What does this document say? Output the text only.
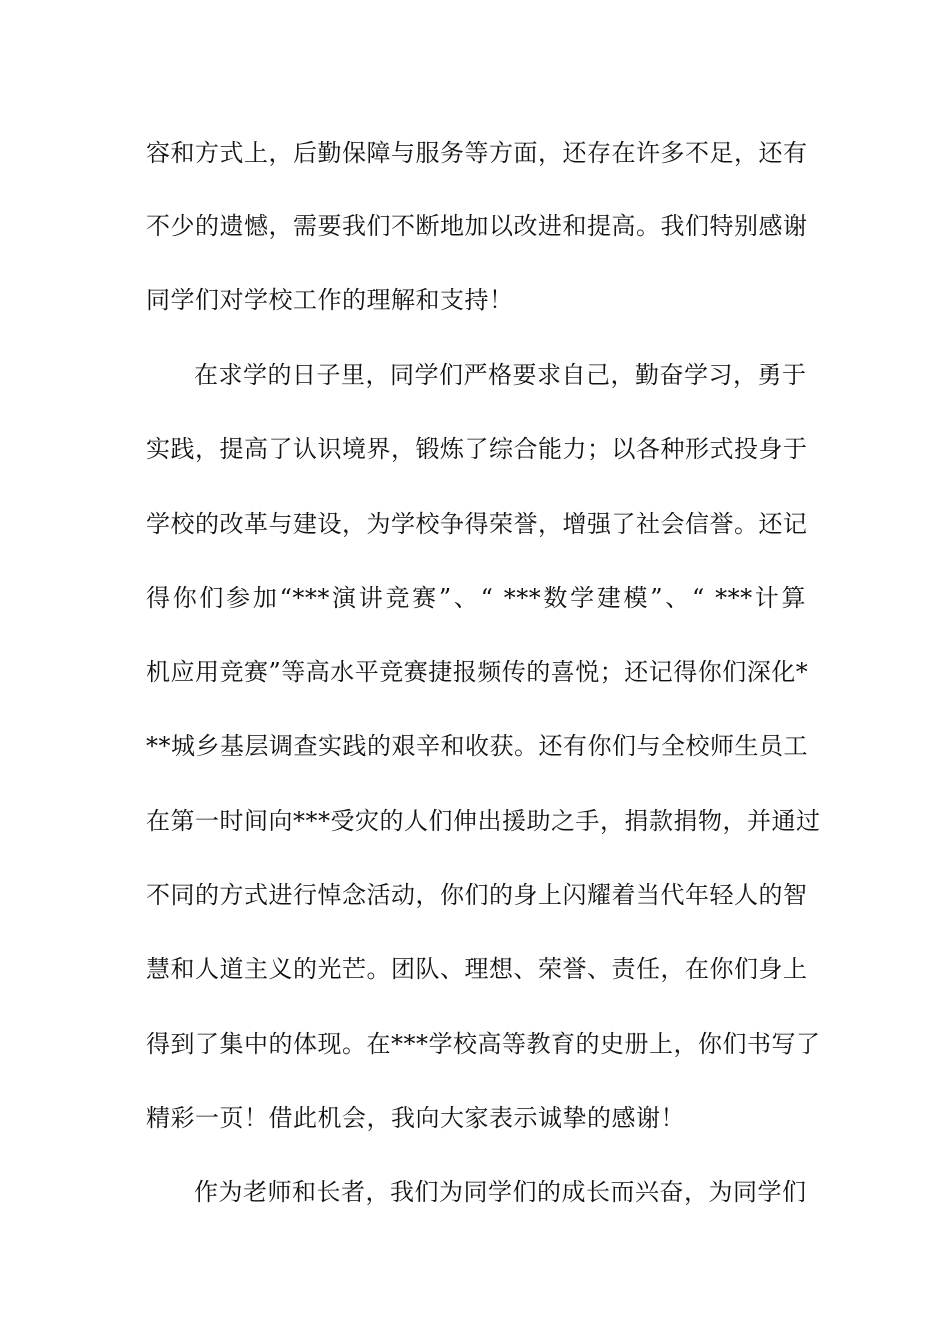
容和方式上，后勤保障与服务等方面，还存在许多不足，还有
不少的遗憾，需要我们不断地加以改进和提高。我们特别感谢
同学们对学校工作的理解和支持！
在求学的日子里，同学们严格要求自己，勤奋学习，勇于
实践，提高了认识境界，锻炼了综合能力；以各种形式投身于
学校的改革与建设，为学校争得荣誉，增强了社会信誉。还记
得你们参加“***演讲竞赛”、“ ***数学建模”、“ ***计算
机应用竞赛”等高水平竞赛捷报频传的喜悦；还记得你们深化*
**城乡基层调查实践的艰辛和收获。还有你们与全校师生员工
在第一时间向***受灾的人们伸出援助之手，捐款捐物，并通过
不同的方式进行悼念活动，你们的身上闪耀着当代年轻人的智
慧和人道主义的光芒。团队、理想、荣誉、责任，在你们身上
得到了集中的体现。在***学校高等教育的史册上，你们书写了
精彩一页！借此机会，我向大家表示诚挚的感谢！
作为老师和长者，我们为同学们的成长而兴奋，为同学们
